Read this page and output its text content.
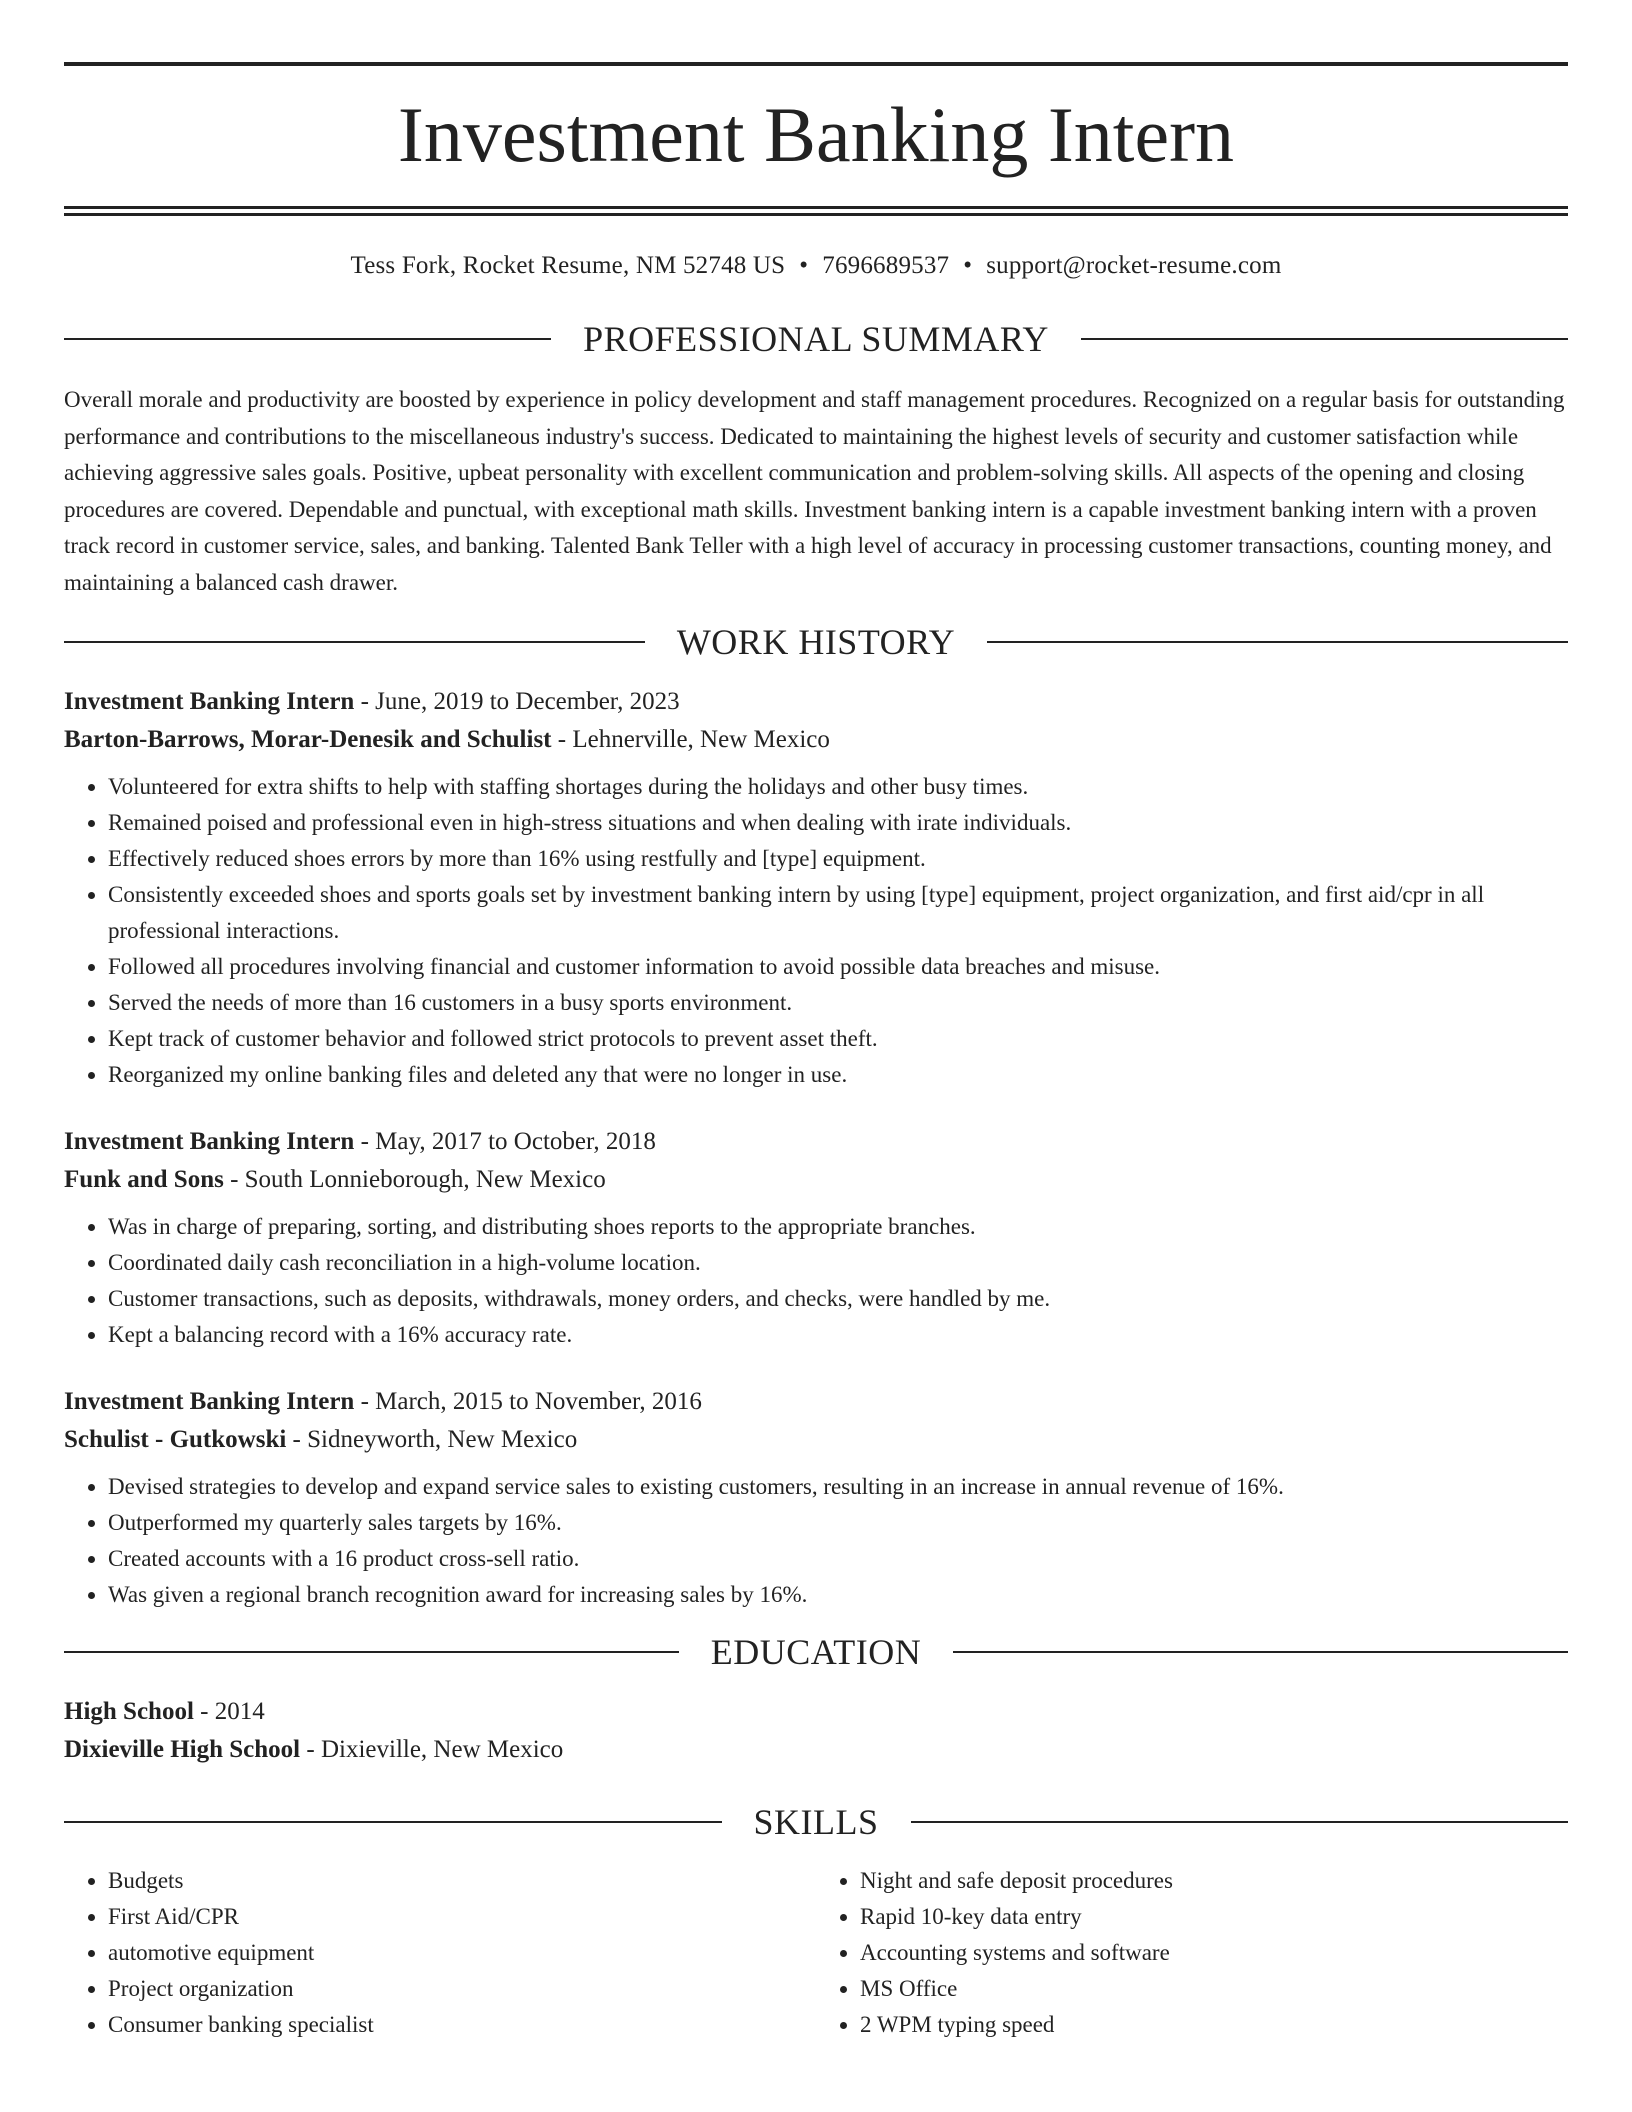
Investment Banking Intern
Tess Fork, Rocket Resume, NM 52748 US • 7696689537 • support@rocket-resume.com
PROFESSIONAL SUMMARY

Overall morale and productivity are boosted by experience in policy development and staff management procedures. Recognized on a regular basis for outstanding performance and contributions to the miscellaneous industry's success. Dedicated to maintaining the highest levels of security and customer satisfaction while achieving aggressive sales goals. Positive, upbeat personality with excellent communication and problem-solving skills. All aspects of the opening and closing procedures are covered. Dependable and punctual, with exceptional math skills. Investment banking intern is a capable investment banking intern with a proven track record in customer service, sales, and banking. Talented Bank Teller with a high level of accuracy in processing customer transactions, counting money, and maintaining a balanced cash drawer.

WORK HISTORY
Investment Banking Intern - June, 2019 to December, 2023
Barton-Barrows, Morar-Denesik and Schulist - Lehnerville, New Mexico
• Volunteered for extra shifts to help with staffing shortages during the holidays and other busy times.
• Remained poised and professional even in high-stress situations and when dealing with irate individuals.
• Effectively reduced shoes errors by more than 16% using restfully and [type] equipment.
• Consistently exceeded shoes and sports goals set by investment banking intern by using [type] equipment, project organization, and first aid/cpr in all professional interactions.
• Followed all procedures involving financial and customer information to avoid possible data breaches and misuse.
• Served the needs of more than 16 customers in a busy sports environment.
• Kept track of customer behavior and followed strict protocols to prevent asset theft.
• Reorganized my online banking files and deleted any that were no longer in use.
Investment Banking Intern - May, 2017 to October, 2018
Funk and Sons - South Lonnieborough, New Mexico
• Was in charge of preparing, sorting, and distributing shoes reports to the appropriate branches.
• Coordinated daily cash reconciliation in a high-volume location.
• Customer transactions, such as deposits, withdrawals, money orders, and checks, were handled by me.
• Kept a balancing record with a 16% accuracy rate.
Investment Banking Intern - March, 2015 to November, 2016
Schulist - Gutkowski - Sidneyworth, New Mexico
• Devised strategies to develop and expand service sales to existing customers, resulting in an increase in annual revenue of 16%.
• Outperformed my quarterly sales targets by 16%.
• Created accounts with a 16 product cross-sell ratio.
• Was given a regional branch recognition award for increasing sales by 16%.
EDUCATION
High School - 2014
Dixieville High School - Dixieville, New Mexico
SKILLS
• Budgets
• First Aid/CPR
• automotive equipment
• Project organization
• Consumer banking specialist
• Night and safe deposit procedures
• Rapid 10-key data entry
• Accounting systems and software
• MS Office
• 2 WPM typing speed
